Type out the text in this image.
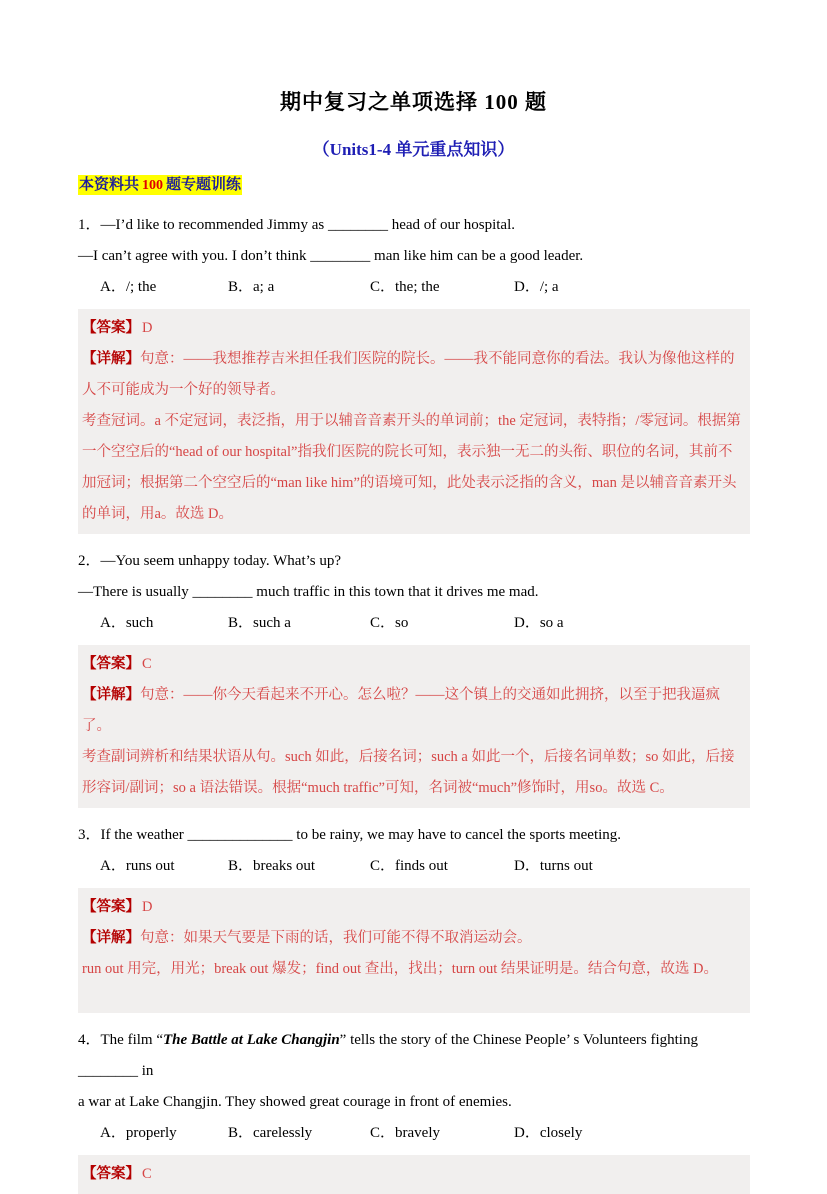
期中复习之单项选择 100 题
（Units1-4 单元重点知识）
本资料共 100 题专题训练

1．—I’d like to recommended Jimmy as ________ head of our hospital.

—I can’t agree with you. I don’t think ________ man like him can be a good leader.

A．/; the	B．a; a	C．the; the	D．/; a

【答案】 D

【详解】句意：——我想推荐吉米担任我们医院的院长。——我不能同意你的看法。我认为像他这样的人不可能成为一个好的领导者。

考查冠词。a 不定冠词，表泛指，用于以辅音音素开头的单词前；the 定冠词，表特指；/零冠词。根据第一个空空后的“head of our hospital”指我们医院的院长可知，表示独一无二的头衔、职位的名词，其前不加冠词；根据第二个空空后的“man like him”的语境可知，此处表示泛指的含义，man 是以辅音音素开头的单词，用a。故选 D。

2．—You seem unhappy today. What’s up?

—There is usually ________ much traffic in this town that it drives me mad.

A．such	B．such a	C．so	D．so a

【答案】 C

【详解】句意：——你今天看起来不开心。怎么啦？——这个镇上的交通如此拥挤，以至于把我逼疯了。

考查副词辨析和结果状语从句。such 如此，后接名词；such a 如此一个，后接名词单数；so 如此，后接形容词/副词；so a 语法错误。根据“much traffic”可知，名词被“much”修饰时，用so。故选 C。

3．If the weather ______________ to be rainy, we may have to cancel the sports meeting.

A．runs out	B．breaks out	C．finds out	D．turns out

【答案】 D

【详解】句意：如果天气要是下雨的话，我们可能不得不取消运动会。

run out 用完，用光；break out 爆发；find out 查出，找出；turn out 结果证明是。结合句意，故选 D。

4．The film “The Battle at Lake Changjin” tells the story of the Chinese People’ s Volunteers fighting ________ in

a war at Lake Changjin. They showed great courage in front of enemies.

A．properly	B．carelessly	C．bravely	D．closely

【答案】 C
